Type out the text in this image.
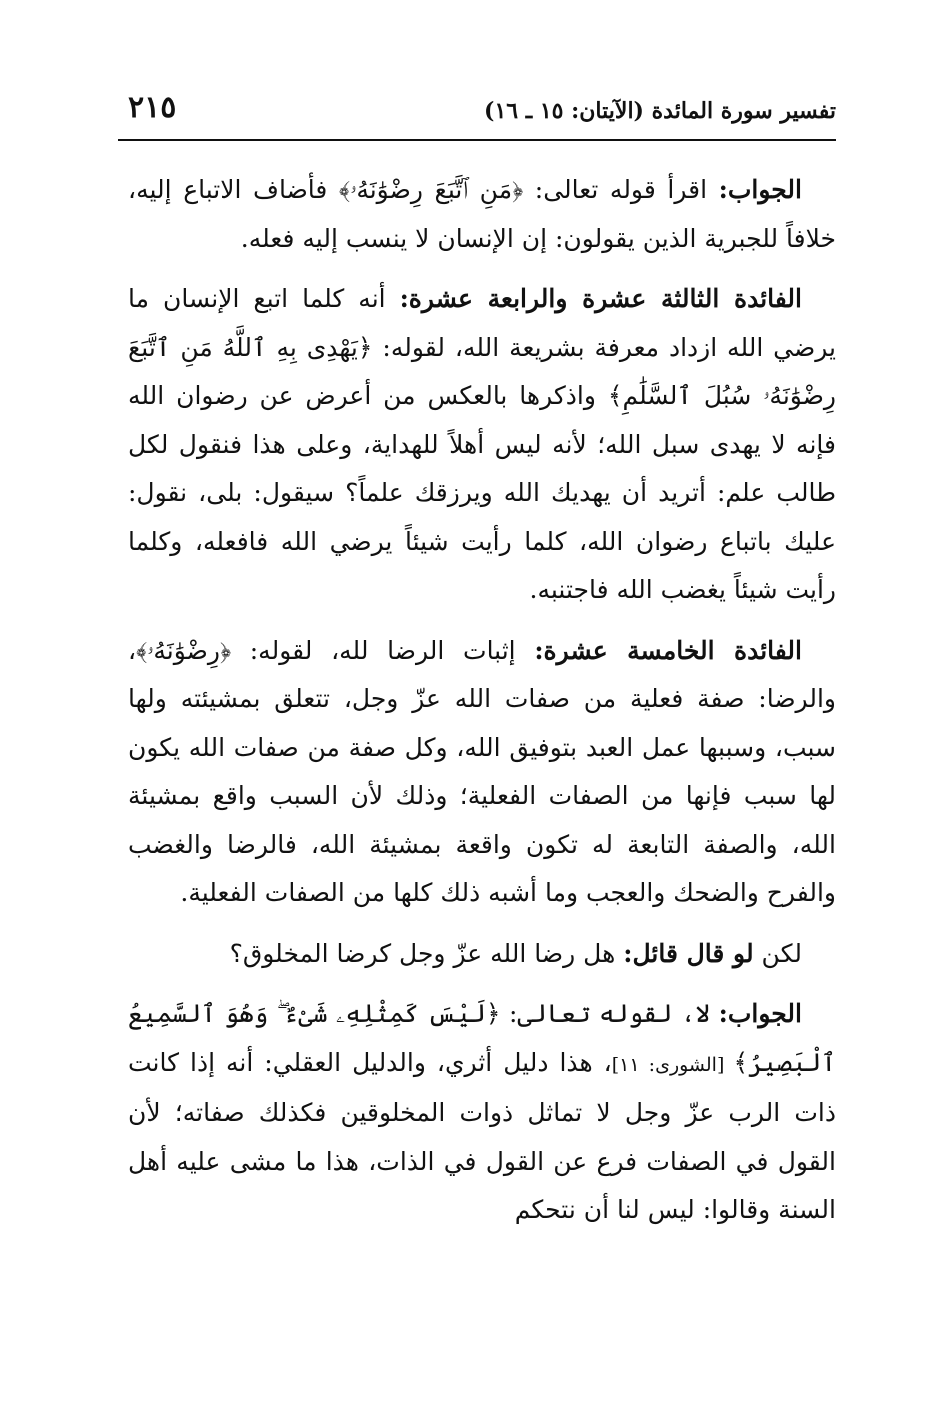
تفسير سورة المائدة (الآيتان: ١٥ ـ ١٦)
٢١٥

الجواب: اقرأ قوله تعالى: ﴿مَنِ ٱتَّبَعَ رِضْوَٰنَهُۥ﴾ فأضاف الاتباع إليه، خلافاً للجبرية الذين يقولون: إن الإنسان لا ينسب إليه فعله.

الفائدة الثالثة عشرة والرابعة عشرة: أنه كلما اتبع الإنسان ما يرضي الله ازداد معرفة بشريعة الله، لقوله: ﴿يَهْدِى بِهِ ٱللَّهُ مَنِ ٱتَّبَعَ رِضْوَٰنَهُۥ سُبُلَ ٱلسَّلَٰمِ﴾ واذكرها بالعكس من أعرض عن رضوان الله فإنه لا يهدى سبل الله؛ لأنه ليس أهلاً للهداية، وعلى هذا فنقول لكل طالب علم: أتريد أن يهديك الله ويرزقك علماً؟ سيقول: بلى، نقول: عليك باتباع رضوان الله، كلما رأيت شيئاً يرضي الله فافعله، وكلما رأيت شيئاً يغضب الله فاجتنبه.

الفائدة الخامسة عشرة: إثبات الرضا لله، لقوله: ﴿رِضْوَٰنَهُۥ﴾، والرضا: صفة فعلية من صفات الله عزّ وجل، تتعلق بمشيئته ولها سبب، وسببها عمل العبد بتوفيق الله، وكل صفة من صفات الله يكون لها سبب فإنها من الصفات الفعلية؛ وذلك لأن السبب واقع بمشيئة الله، والصفة التابعة له تكون واقعة بمشيئة الله، فالرضا والغضب والفرح والضحك والعجب وما أشبه ذلك كلها من الصفات الفعلية.

لكن لو قال قائل: هل رضا الله عزّ وجل كرضا المخلوق؟

الجواب: لا، لقوله تعالى: ﴿لَيْسَ كَمِثْلِهِۦ شَىْءٌ ۖ وَهُوَ ٱلسَّمِيعُ ٱلْبَصِيرُ﴾ [الشورى: ١١]، هذا دليل أثري، والدليل العقلي: أنه إذا كانت ذات الرب عزّ وجل لا تماثل ذوات المخلوقين فكذلك صفاته؛ لأن القول في الصفات فرع عن القول في الذات، هذا ما مشى عليه أهل السنة وقالوا: ليس لنا أن نتحكم
